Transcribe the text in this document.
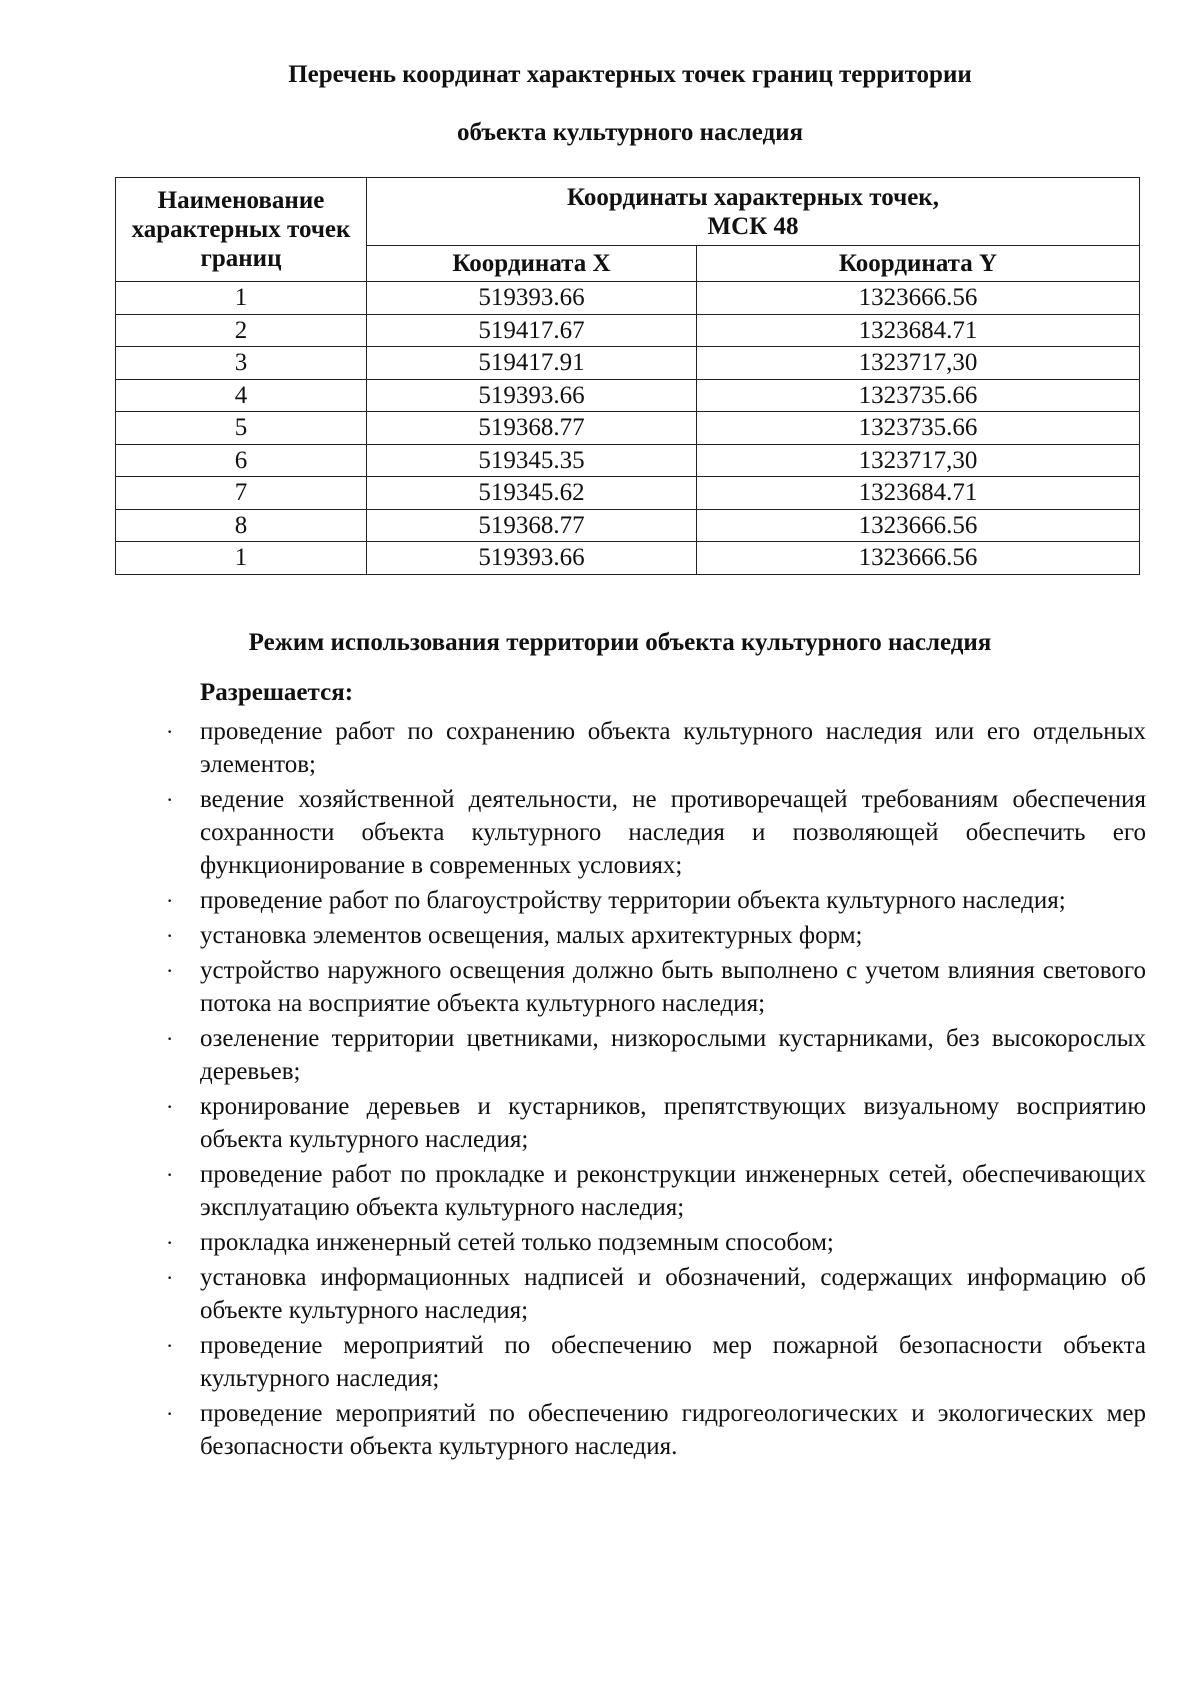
Перечень координат характерных точек границ территории
объекта культурного наследия
Наименование характерных точек границ	Координаты характерных точек,
МСК 48	

	Координата X	Координата Y
1	519393.66	1323666.56
2	519417.67	1323684.71
3	519417.91	1323717,30
4	519393.66	1323735.66
5	519368.77	1323735.66
6	519345.35	1323717,30
7	519345.62	1323684.71
8	519368.77	1323666.56
1	519393.66	1323666.56
Режим использования территории объекта культурного наследия
Разрешается:
· проведение работ по сохранению объекта культурного наследия или его отдельных элементов;
· ведение хозяйственной деятельности, не противоречащей требованиям обеспечения сохранности объекта культурного наследия и позволяющей обеспечить его функционирование в современных условиях;
· проведение работ по благоустройству территории объекта культурного наследия;
· установка элементов освещения, малых архитектурных форм;
· устройство наружного освещения должно быть выполнено с учетом влияния светового потока на восприятие объекта культурного наследия;
· озеленение территории цветниками, низкорослыми кустарниками, без высокорослых деревьев;
· кронирование деревьев и кустарников, препятствующих визуальному восприятию объекта культурного наследия;
· проведение работ по прокладке и реконструкции инженерных сетей, обеспечивающих эксплуатацию объекта культурного наследия;
· прокладка инженерный сетей только подземным способом;
· установка информационных надписей и обозначений, содержащих информацию об объекте культурного наследия;
· проведение мероприятий по обеспечению мер пожарной безопасности объекта культурного наследия;
· проведение мероприятий по обеспечению гидрогеологических и экологических мер безопасности объекта культурного наследия.
